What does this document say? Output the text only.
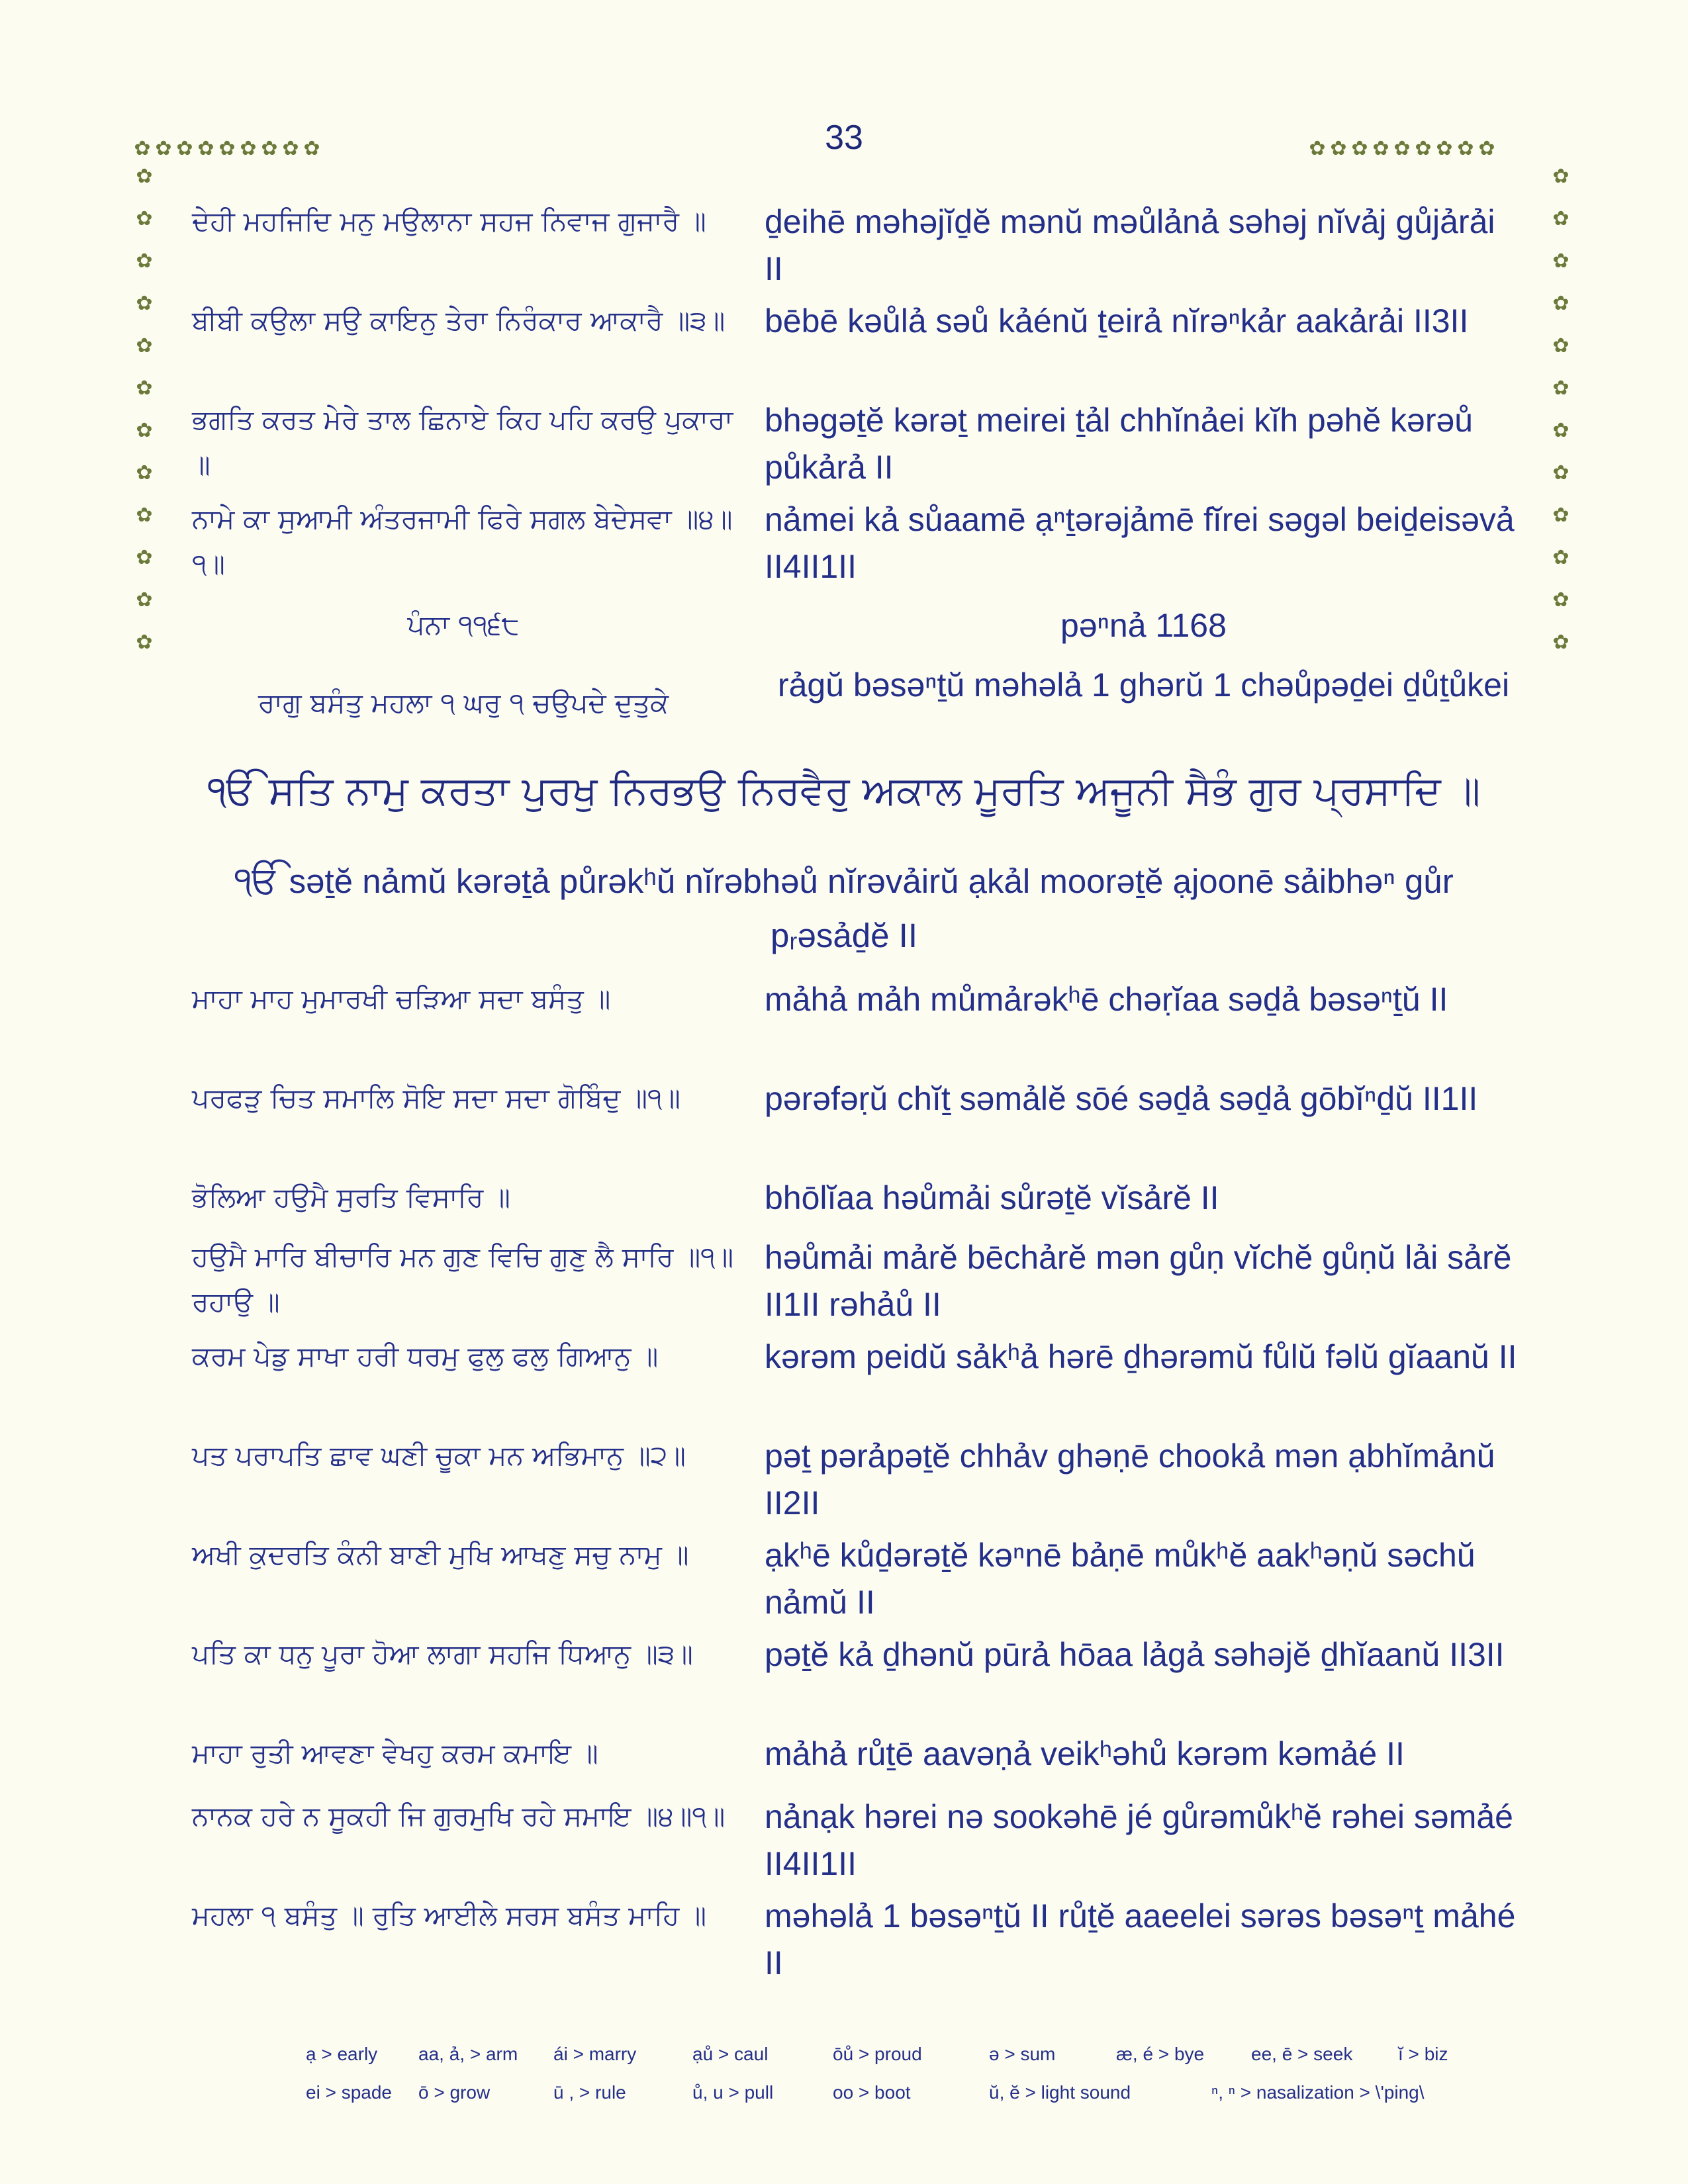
33
✿ ✿ ✿ ✿ ✿ ✿ ✿ ✿ ✿	✿ ✿ ✿ ✿ ✿ ✿ ✿ ✿ ✿
✿
✿
✿
✿
✿
✿
✿
✿
✿
✿
✿
✿
✿
✿
✿
✿
✿
✿
✿
✿
✿
✿
✿
✿
ਦੇਹੀ ਮਹਜਿਦਿ ਮਨੁ ਮਉਲਾਨਾ ਸਹਜ ਨਿਵਾਜ ਗੁਜਾਰੈ ॥	ḏeihē məhəjĭḏĕ mənŭ məůlảnả səhəj nĭvảj gůjảrải II
ਬੀਬੀ ਕਉਲਾ ਸਉ ਕਾਇਨੁ ਤੇਰਾ ਨਿਰੰਕਾਰ ਆਕਾਰੈ ॥੩॥ bēbē kəůlả səů kảénŭ ṯeirả nĭrəⁿkảr aakảrải II3II
ਭਗਤਿ ਕਰਤ ਮੇਰੇ ਤਾਲ ਛਿਨਾਏ ਕਿਹ ਪਹਿ ਕਰਉ ਪੁਕਾਰਾ ॥
bhəgəṯĕ kərəṯ meirei ṯảl chhĭnảei kĭh pəhĕ kərəů půkảrả II
ਨਾਮੇ ਕਾ ਸੁਆਮੀ ਅੰਤਰਜਾਮੀ ਫਿਰੇ ਸਗਲ ਬੇਦੇਸਵਾ ॥੪॥੧॥
nảmei kả sůaamē ạⁿṯərəjảmē fĭrei səgəl beiḏeisəvả II4II1II
ਪੰਨਾ ੧੧੬੮	pəⁿnả 1168
ਰਾਗੁ ਬਸੰਤੁ ਮਹਲਾ ੧ ਘਰੁ ੧ ਚਉਪਦੇ ਦੁਤੁਕੇ	rảgŭ bəsəⁿṯŭ məhəlả 1 ghərŭ 1 chəůpəḏei ḏůṯůkei
ੴ ਸਤਿ ਨਾਮੁ ਕਰਤਾ ਪੁਰਖੁ ਨਿਰਭਉ ਨਿਰਵੈਰੁ ਅਕਾਲ ਮੂਰਤਿ ਅਜੂਨੀ ਸੈਭੰ ਗੁਰ ਪ੍ਰਸਾਦਿ ॥
ੴ səṯĕ nảmŭ kərəṯả půrəkʰŭ nĭrəbhəů nĭrəvảirŭ ạkảl moorəṯĕ ạjoonē sảibhəⁿ gůr pᵣəsảḏĕ II
ਮਾਹਾ ਮਾਹ ਮੁਮਾਰਖੀ ਚੜਿਆ ਸਦਾ ਬਸੰਤੁ ॥	mảhả mảh můmảrəkʰē chəṛĭaa səḏả bəsəⁿṯŭ II
ਪਰਫੜੁ ਚਿਤ ਸਮਾਲਿ ਸੋਇ ਸਦਾ ਸਦਾ ਗੋਬਿੰਦੁ ॥੧॥	pərəfəṛŭ chĭṯ səmảlĕ sōé səḏả səḏả gōbĭⁿḏŭ II1II
ਭੋਲਿਆ ਹਉਮੈ ਸੁਰਤਿ ਵਿਸਾਰਿ ॥	bhōlĭaa həůmải sůrəṯĕ vĭsảrĕ II
ਹਉਮੈ ਮਾਰਿ ਬੀਚਾਰਿ ਮਨ ਗੁਣ ਵਿਚਿ ਗੁਣੁ ਲੈ ਸਾਰਿ ॥੧॥ ਰਹਾਉ ॥
həůmải mảrĕ bēchảrĕ mən gůṇ vĭchĕ gůṇŭ lải sảrĕ II1II rəhảů II
ਕਰਮ ਪੇਡੁ ਸਾਖਾ ਹਰੀ ਧਰਮੁ ਫੁਲੁ ਫਲੁ ਗਿਆਨੁ ॥	kərəm peidŭ sảkʰả hərē ḏhərəmŭ fůlŭ fəlŭ gĭaanŭ II
ਪਤ ਪਰਾਪਤਿ ਛਾਵ ਘਣੀ ਚੂਕਾ ਮਨ ਅਭਿਮਾਨੁ ॥੨॥	pəṯ pərảpəṯĕ chhảv ghəṇē chookả mən ạbhĭmảnŭ II2II
ਅਖੀ ਕੁਦਰਤਿ ਕੰਨੀ ਬਾਣੀ ਮੁਖਿ ਆਖਣੁ ਸਚੁ ਨਾਮੁ ॥	ạkʰē kůḏərəṯĕ kəⁿnē bảṇē můkʰĕ aakʰəṇŭ səchŭ nảmŭ II
ਪਤਿ ਕਾ ਧਨੁ ਪੂਰਾ ਹੋਆ ਲਾਗਾ ਸਹਜਿ ਧਿਆਨੁ ॥੩॥	pəṯĕ kả ḏhənŭ pūrả hōaa lảgả səhəjĕ ḏhĭaanŭ II3II
ਮਾਹਾ ਰੁਤੀ ਆਵਣਾ ਵੇਖਹੁ ਕਰਮ ਕਮਾਇ ॥	mảhả růṯē aavəṇả veikʰəhů kərəm kəmảé II
ਨਾਨਕ ਹਰੇ ਨ ਸੂਕਹੀ ਜਿ ਗੁਰਮੁਖਿ ਰਹੇ ਸਮਾਇ ॥੪॥੧॥ nảnạk hərei nə sookəhē jé gůrəmůkʰĕ rəhei səmảé II4II1II
ਮਹਲਾ ੧ ਬਸੰਤੁ ॥ ਰੁਤਿ ਆਈਲੇ ਸਰਸ ਬਸੰਤ ਮਾਹਿ ॥	məhəlả 1 bəsəⁿṯŭ II růṯĕ aaeelei sərəs bəsəⁿṯ mảhé II
ạ > early aa, ả, > arm ái > marry	ạů > caul	ōů > proud	ə > sum	æ, é > bye	ee, ē > seek ĭ > biz
ei > spade ō > grow	ū , > rule	ů, u > pull	oo > boot	ŭ, ĕ > light sound	ⁿ, ⁿ > nasalization > \'ping\
